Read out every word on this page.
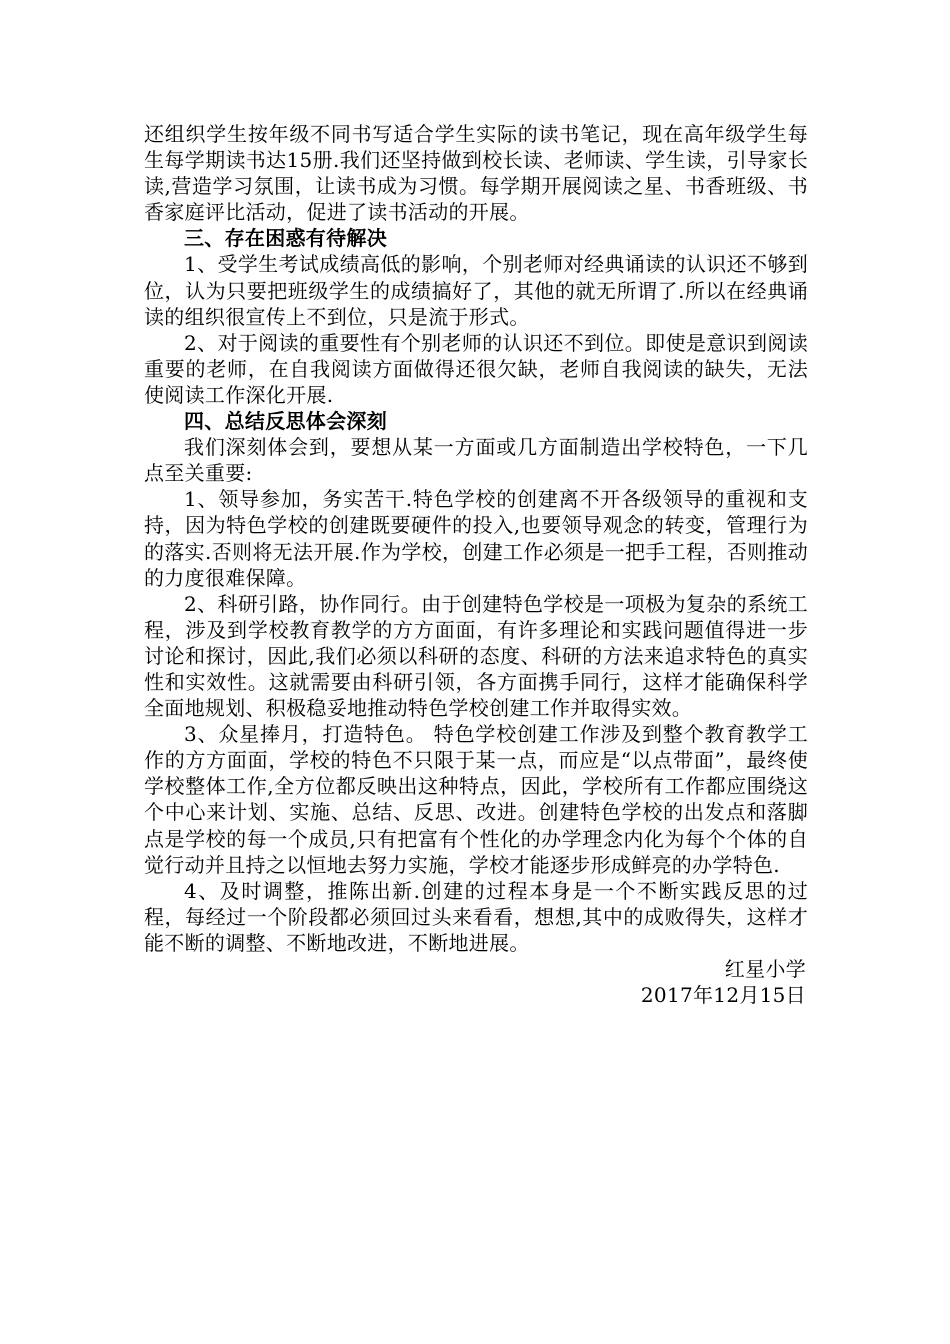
还组织学生按年级不同书写适合学生实际的读书笔记，现在高年级学生每生每学期读书达15册.我们还坚持做到校长读、老师读、学生读，引导家长读,营造学习氛围，让读书成为习惯。每学期开展阅读之星、书香班级、书香家庭评比活动，促进了读书活动的开展。

三、存在困惑有待解决

1、受学生考试成绩高低的影响，个别老师对经典诵读的认识还不够到位，认为只要把班级学生的成绩搞好了，其他的就无所谓了.所以在经典诵读的组织很宣传上不到位，只是流于形式。

2、对于阅读的重要性有个别老师的认识还不到位。即使是意识到阅读重要的老师，在自我阅读方面做得还很欠缺，老师自我阅读的缺失，无法使阅读工作深化开展.

四、总结反思体会深刻

我们深刻体会到，要想从某一方面或几方面制造出学校特色，一下几点至关重要:

1、领导参加，务实苦干.特色学校的创建离不开各级领导的重视和支持，因为特色学校的创建既要硬件的投入,也要领导观念的转变，管理行为的落实.否则将无法开展.作为学校，创建工作必须是一把手工程，否则推动的力度很难保障。

2、科研引路，协作同行。由于创建特色学校是一项极为复杂的系统工程，涉及到学校教育教学的方方面面，有许多理论和实践问题值得进一步讨论和探讨，因此,我们必须以科研的态度、科研的方法来追求特色的真实性和实效性。这就需要由科研引领，各方面携手同行，这样才能确保科学全面地规划、积极稳妥地推动特色学校创建工作并取得实效。

3、众星捧月，打造特色。 特色学校创建工作涉及到整个教育教学工作的方方面面，学校的特色不只限于某一点，而应是“以点带面”，最终使学校整体工作,全方位都反映出这种特点，因此，学校所有工作都应围绕这个中心来计划、实施、总结、反思、改进。创建特色学校的出发点和落脚点是学校的每一个成员,只有把富有个性化的办学理念内化为每个个体的自觉行动并且持之以恒地去努力实施，学校才能逐步形成鲜亮的办学特色.

4、及时调整，推陈出新.创建的过程本身是一个不断实践反思的过程，每经过一个阶段都必须回过头来看看，想想,其中的成败得失，这样才能不断的调整、不断地改进，不断地进展。

红星小学

2017年12月15日
